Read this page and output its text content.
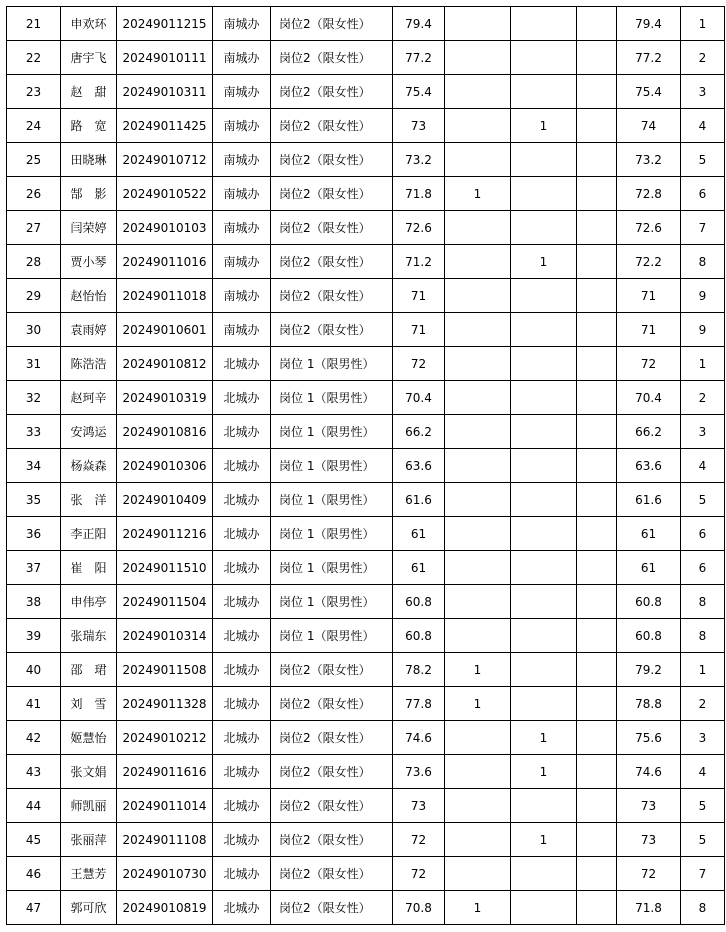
21	申欢环	20249011215	南城办	岗位2（限女性）	79.4				79.4	1
22	唐宇飞	20249010111	南城办	岗位2（限女性）	77.2				77.2	2
23	赵　甜	20249010311	南城办	岗位2（限女性）	75.4				75.4	3
24	路　宽	20249011425	南城办	岗位2（限女性）	73		1		74	4
25	田晓琳	20249010712	南城办	岗位2（限女性）	73.2				73.2	5
26	郜　影	20249010522	南城办	岗位2（限女性）	71.8	1			72.8	6
27	闫荣婷	20249010103	南城办	岗位2（限女性）	72.6				72.6	7
28	贾小琴	20249011016	南城办	岗位2（限女性）	71.2		1		72.2	8
29	赵怡怡	20249011018	南城办	岗位2（限女性）	71				71	9
30	袁雨婷	20249010601	南城办	岗位2（限女性）	71				71	9
31	陈浩浩	20249010812	北城办	岗位 1（限男性）	72				72	1
32	赵珂辛	20249010319	北城办	岗位 1（限男性）	70.4				70.4	2
33	安鸿运	20249010816	北城办	岗位 1（限男性）	66.2				66.2	3
34	杨焱森	20249010306	北城办	岗位 1（限男性）	63.6				63.6	4
35	张　洋	20249010409	北城办	岗位 1（限男性）	61.6				61.6	5
36	李正阳	20249011216	北城办	岗位 1（限男性）	61				61	6
37	崔　阳	20249011510	北城办	岗位 1（限男性）	61				61	6
38	申伟亭	20249011504	北城办	岗位 1（限男性）	60.8				60.8	8
39	张瑞东	20249010314	北城办	岗位 1（限男性）	60.8				60.8	8
40	邵　珺	20249011508	北城办	岗位2（限女性）	78.2	1			79.2	1
41	刘　雪	20249011328	北城办	岗位2（限女性）	77.8	1			78.8	2
42	姬慧怡	20249010212	北城办	岗位2（限女性）	74.6		1		75.6	3
43	张文娟	20249011616	北城办	岗位2（限女性）	73.6		1		74.6	4
44	师凯丽	20249011014	北城办	岗位2（限女性）	73				73	5
45	张丽萍	20249011108	北城办	岗位2（限女性）	72		1		73	5
46	王慧芳	20249010730	北城办	岗位2（限女性）	72				72	7
47	郭可欣	20249010819	北城办	岗位2（限女性）	70.8	1			71.8	8
